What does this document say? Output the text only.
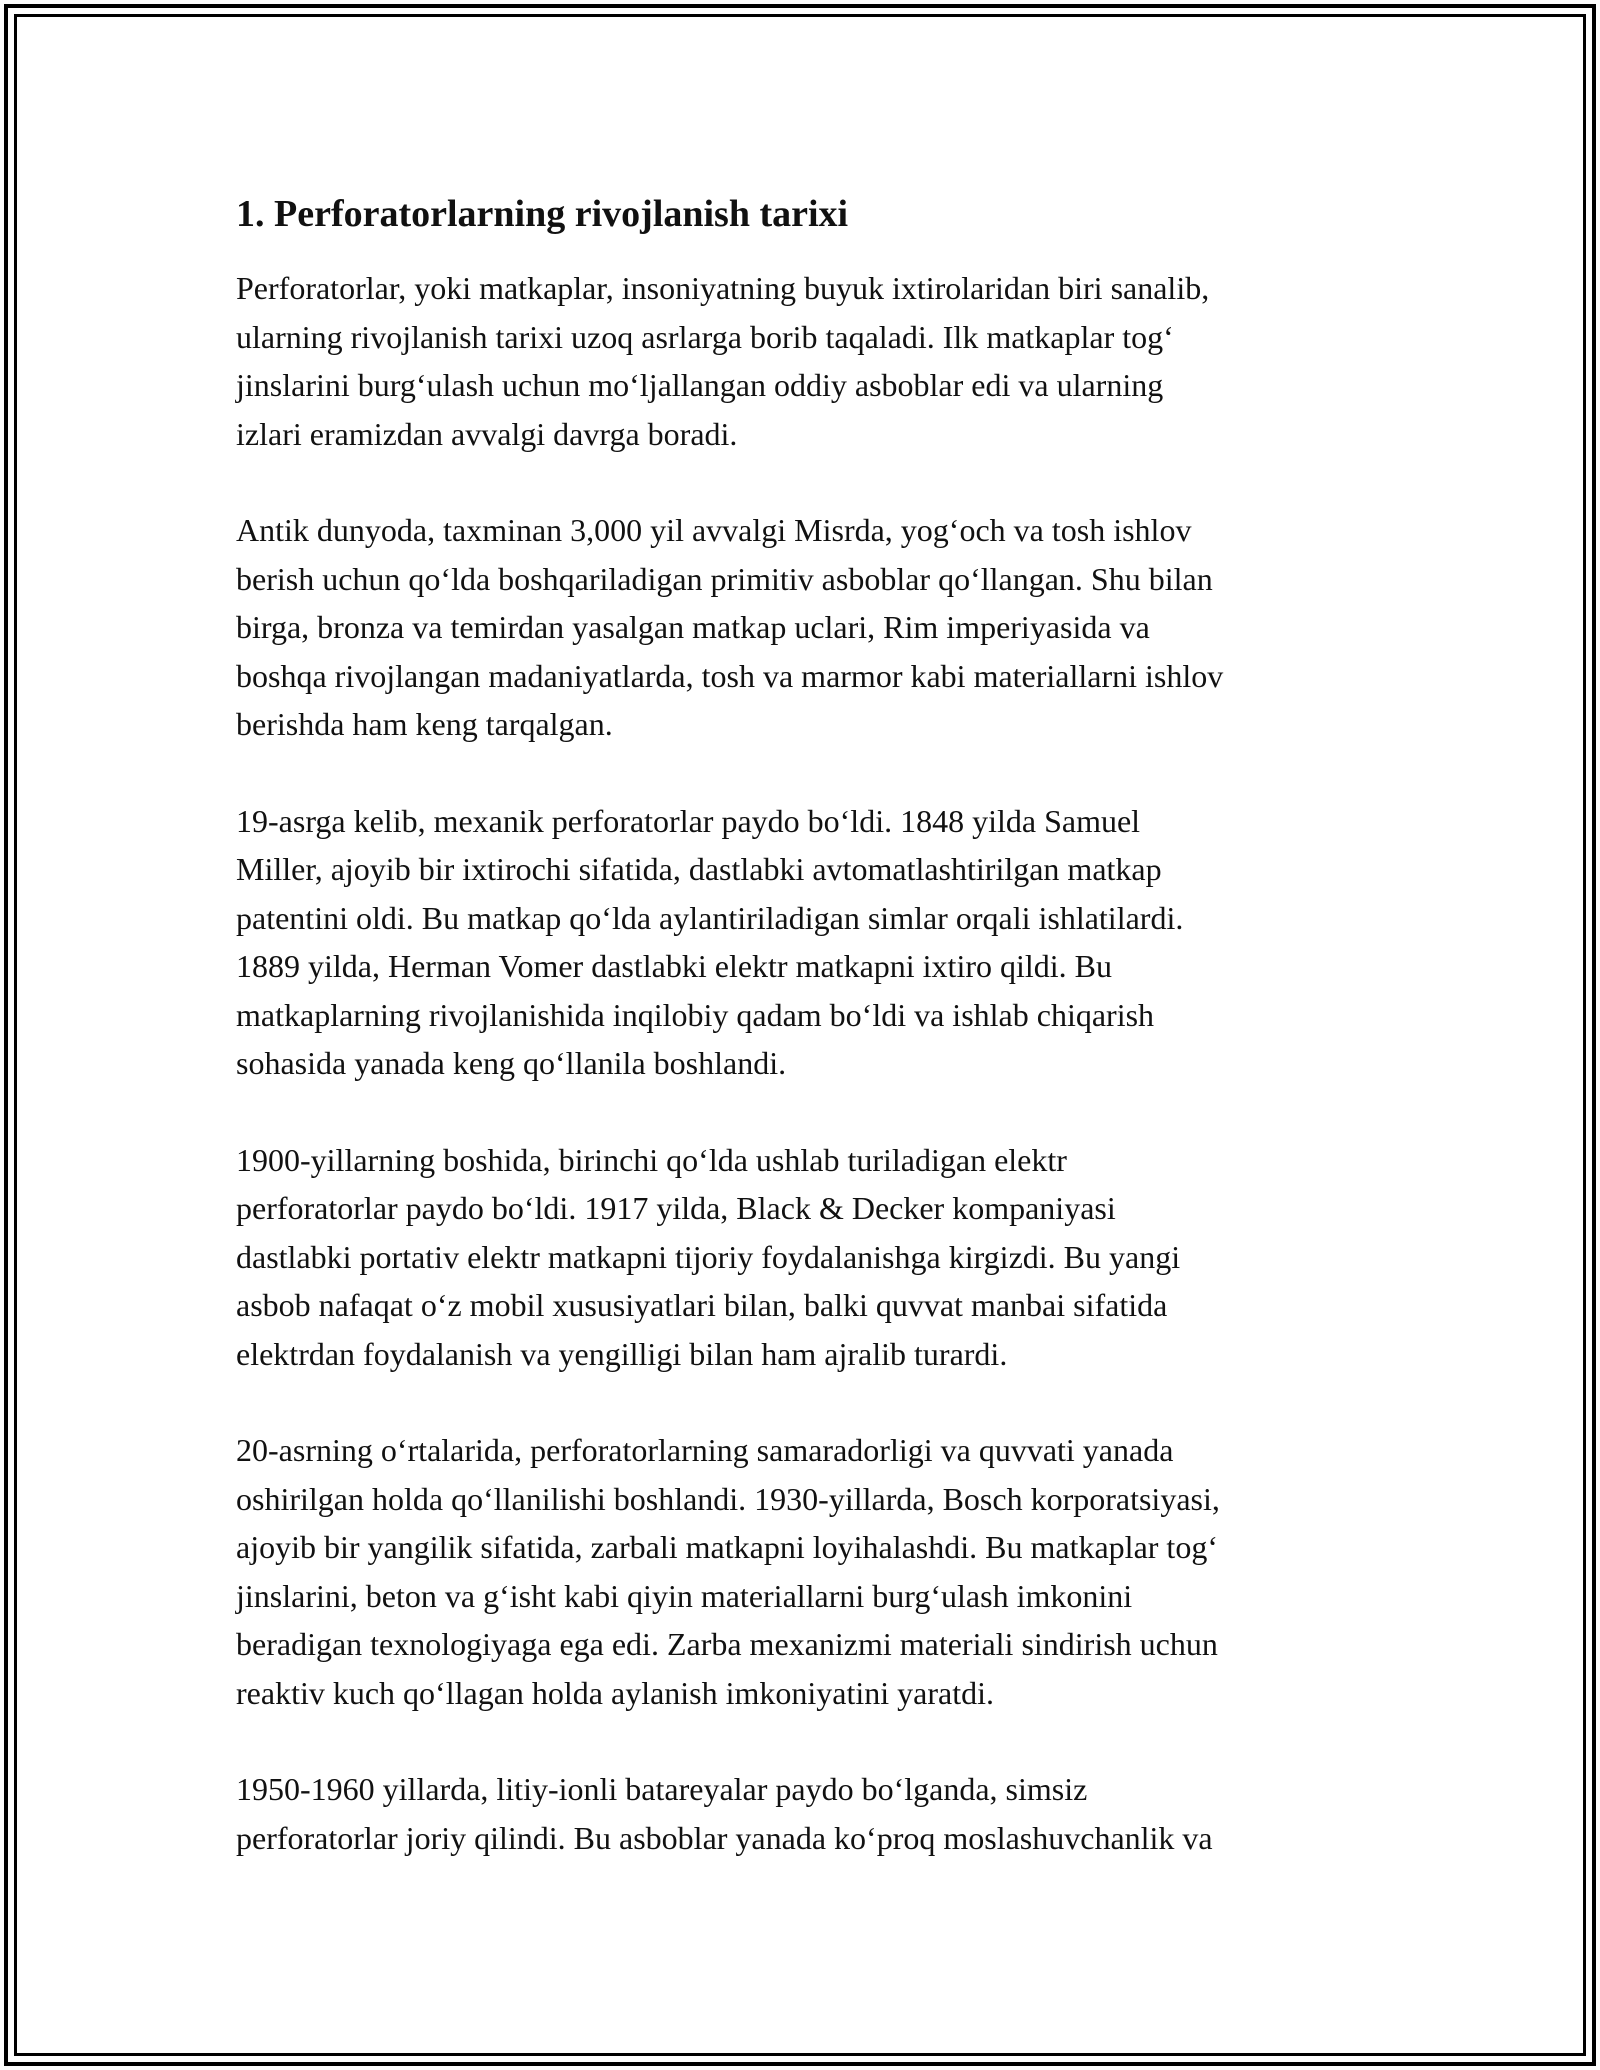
1. Perforatorlarning rivojlanish tarixi

Perforatorlar, yoki matkaplar, insoniyatning buyuk ixtirolaridan biri sanalib,
ularning rivojlanish tarixi uzoq asrlarga borib taqaladi. Ilk matkaplar tog‘
jinslarini burg‘ulash uchun mo‘ljallangan oddiy asboblar edi va ularning
izlari eramizdan avvalgi davrga boradi.

Antik dunyoda, taxminan 3,000 yil avvalgi Misrda, yog‘och va tosh ishlov
berish uchun qo‘lda boshqariladigan primitiv asboblar qo‘llangan. Shu bilan
birga, bronza va temirdan yasalgan matkap uclari, Rim imperiyasida va
boshqa rivojlangan madaniyatlarda, tosh va marmor kabi materiallarni ishlov
berishda ham keng tarqalgan.

19-asrga kelib, mexanik perforatorlar paydo bo‘ldi. 1848 yilda Samuel
Miller, ajoyib bir ixtirochi sifatida, dastlabki avtomatlashtirilgan matkap
patentini oldi. Bu matkap qo‘lda aylantiriladigan simlar orqali ishlatilardi.
1889 yilda, Herman Vomer dastlabki elektr matkapni ixtiro qildi. Bu
matkaplarning rivojlanishida inqilobiy qadam bo‘ldi va ishlab chiqarish
sohasida yanada keng qo‘llanila boshlandi.

1900-yillarning boshida, birinchi qo‘lda ushlab turiladigan elektr
perforatorlar paydo bo‘ldi. 1917 yilda, Black & Decker kompaniyasi
dastlabki portativ elektr matkapni tijoriy foydalanishga kirgizdi. Bu yangi
asbob nafaqat o‘z mobil xususiyatlari bilan, balki quvvat manbai sifatida
elektrdan foydalanish va yengilligi bilan ham ajralib turardi.

20-asrning o‘rtalarida, perforatorlarning samaradorligi va quvvati yanada
oshirilgan holda qo‘llanilishi boshlandi. 1930-yillarda, Bosch korporatsiyasi,
ajoyib bir yangilik sifatida, zarbali matkapni loyihalashdi. Bu matkaplar tog‘
jinslarini, beton va g‘isht kabi qiyin materiallarni burg‘ulash imkonini
beradigan texnologiyaga ega edi. Zarba mexanizmi materiali sindirish uchun
reaktiv kuch qo‘llagan holda aylanish imkoniyatini yaratdi.

1950-1960 yillarda, litiy-ionli batareyalar paydo bo‘lganda, simsiz
perforatorlar joriy qilindi. Bu asboblar yanada ko‘proq moslashuvchanlik va
